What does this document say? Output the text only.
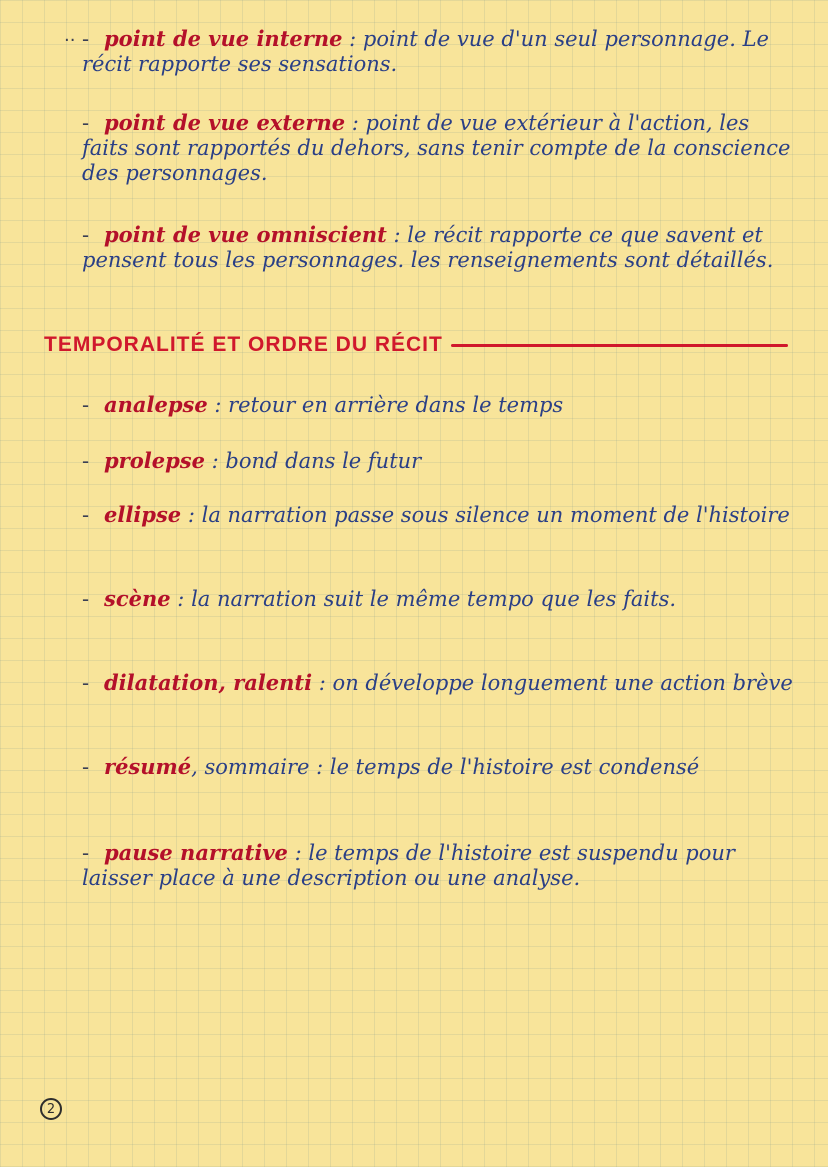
·· - point de vue interne : point de vue d'un seul personnage. Le récit rapporte ses sensations.
- point de vue externe : point de vue extérieur à l'action, les faits sont rapportés du dehors, sans tenir compte de la conscience des personnages.
- point de vue omniscient : le récit rapporte ce que savent et pensent tous les personnages. les renseignements sont détaillés.
TEMPORALITÉ ET ORDRE DU RÉCIT
- analepse : retour en arrière dans le temps
- prolepse : bond dans le futur
- ellipse : la narration passe sous silence un moment de l'histoire
- scène : la narration suit le même tempo que les faits.
- dilatation, ralenti : on développe longuement une action brève
- résumé, sommaire : le temps de l'histoire est condensé
- pause narrative : le temps de l'histoire est suspendu pour laisser place à une description ou une analyse.
2
